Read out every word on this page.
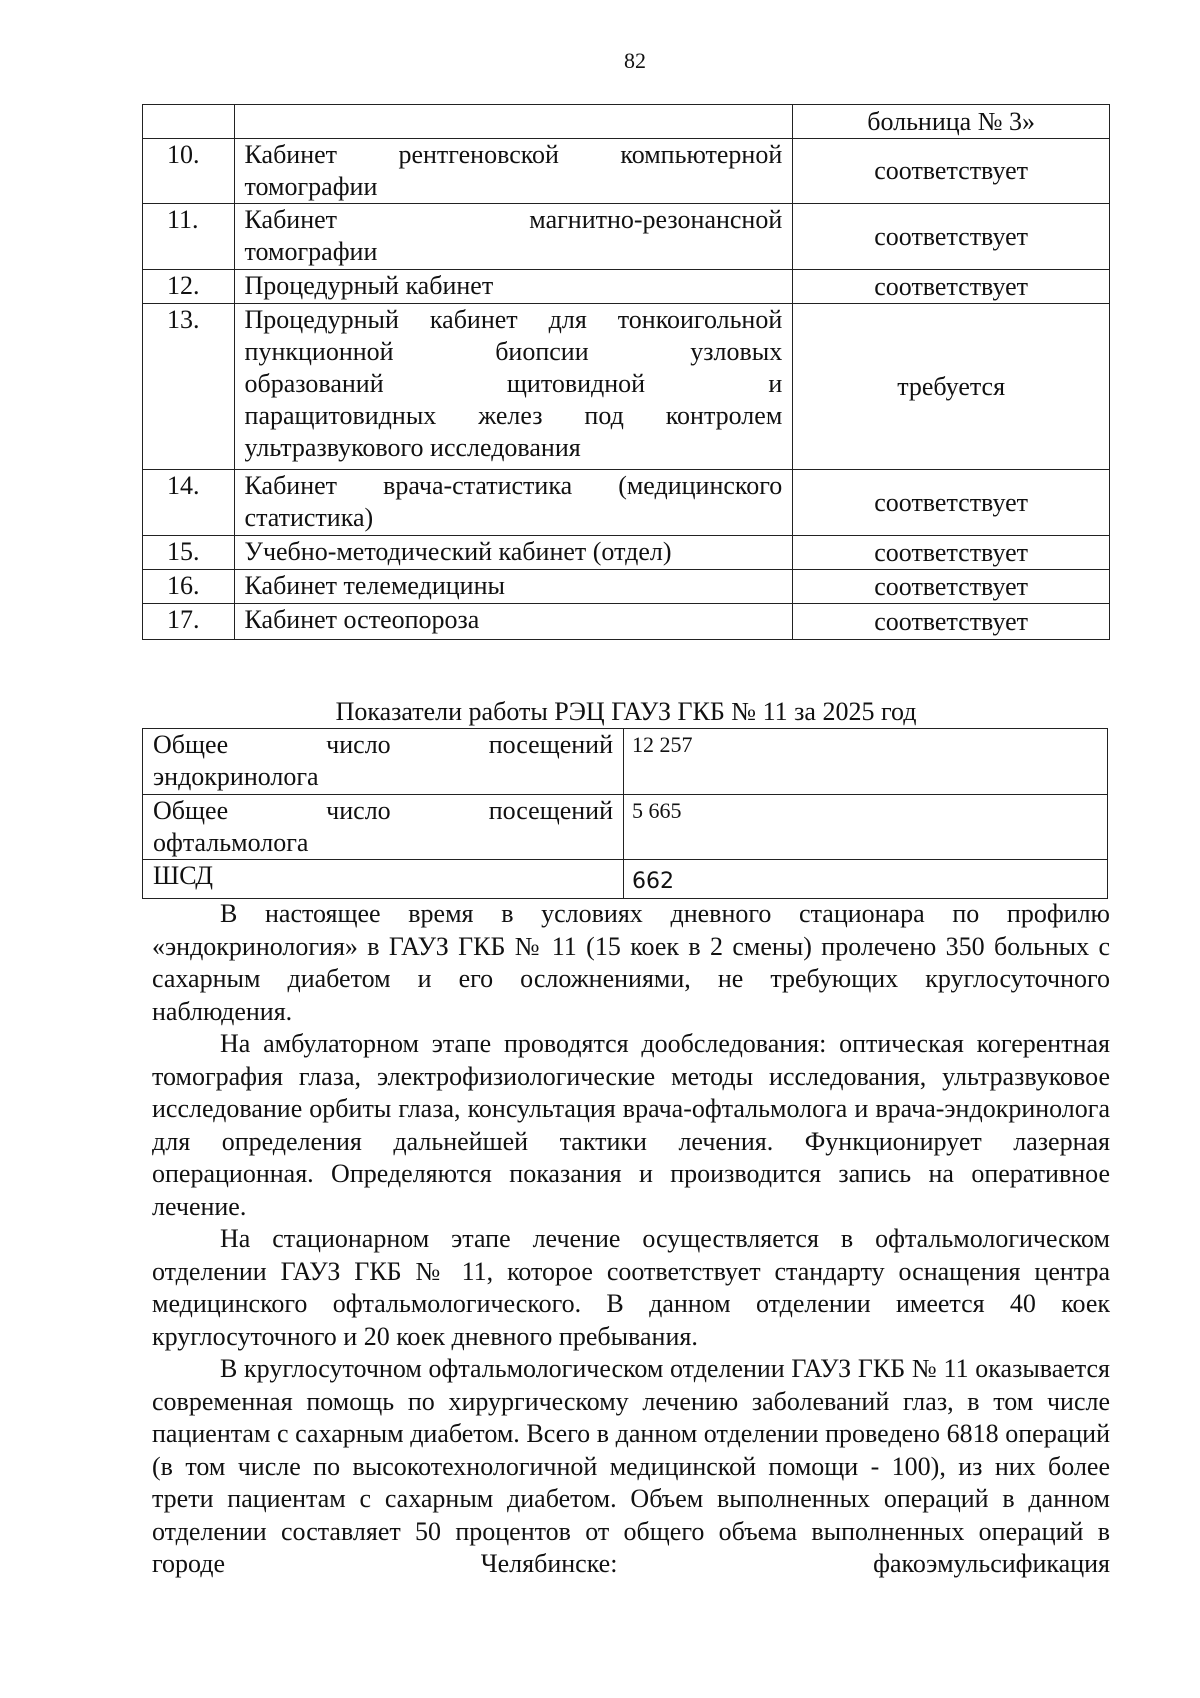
82
		больница № 3»
10.	Кабинет рентгеновской компьютерной
томографии	соответствует
11.	Кабинет магнитно-резонансной
томографии	соответствует
12.	Процедурный кабинет	соответствует
13.	Процедурный кабинет для тонкоигольной
пункционной биопсии узловых
образований щитовидной и
паращитовидных желез под контролем
ультразвукового исследования	требуется
14.	Кабинет врача-статистика (медицинского
статистика)	соответствует
15.	Учебно-методический кабинет (отдел)	соответствует
16.	Кабинет телемедицины	соответствует
17.	Кабинет остеопороза	соответствует
Показатели работы РЭЦ ГАУЗ ГКБ № 11 за 2025 год
Общее число посещений
эндокринолога	12 257

Общее число посещений
офтальмолога	5 665
ШСД	662

В настоящее время в условиях дневного стационара по профилю «эндокринология» в ГАУЗ ГКБ № 11 (15 коек в 2 смены) пролечено 350 больных с сахарным диабетом и его осложнениями, не требующих круглосуточного наблюдения.

На амбулаторном этапе проводятся дообследования: оптическая когерентная томография глаза, электрофизиологические методы исследования, ультразвуковое исследование орбиты глаза, консультация врача-офтальмолога и врача-эндокринолога для определения дальнейшей тактики лечения. Функционирует лазерная операционная. Определяются показания и производится запись на оперативное лечение.

На стационарном этапе лечение осуществляется в офтальмологическом отделении ГАУЗ ГКБ № 11, которое соответствует стандарту оснащения центра медицинского офтальмологического. В данном отделении имеется 40 коек круглосуточного и 20 коек дневного пребывания.

В круглосуточном офтальмологическом отделении ГАУЗ ГКБ № 11 оказывается современная помощь по хирургическому лечению заболеваний глаз, в том числе пациентам с сахарным диабетом. Всего в данном отделении проведено 6818 операций (в том числе по высокотехнологичной медицинской помощи - 100), из них более трети пациентам с сахарным диабетом. Объем выполненных операций в данном отделении составляет 50 процентов от общего объема выполненных операций в городе Челябинске: факоэмульсификация
